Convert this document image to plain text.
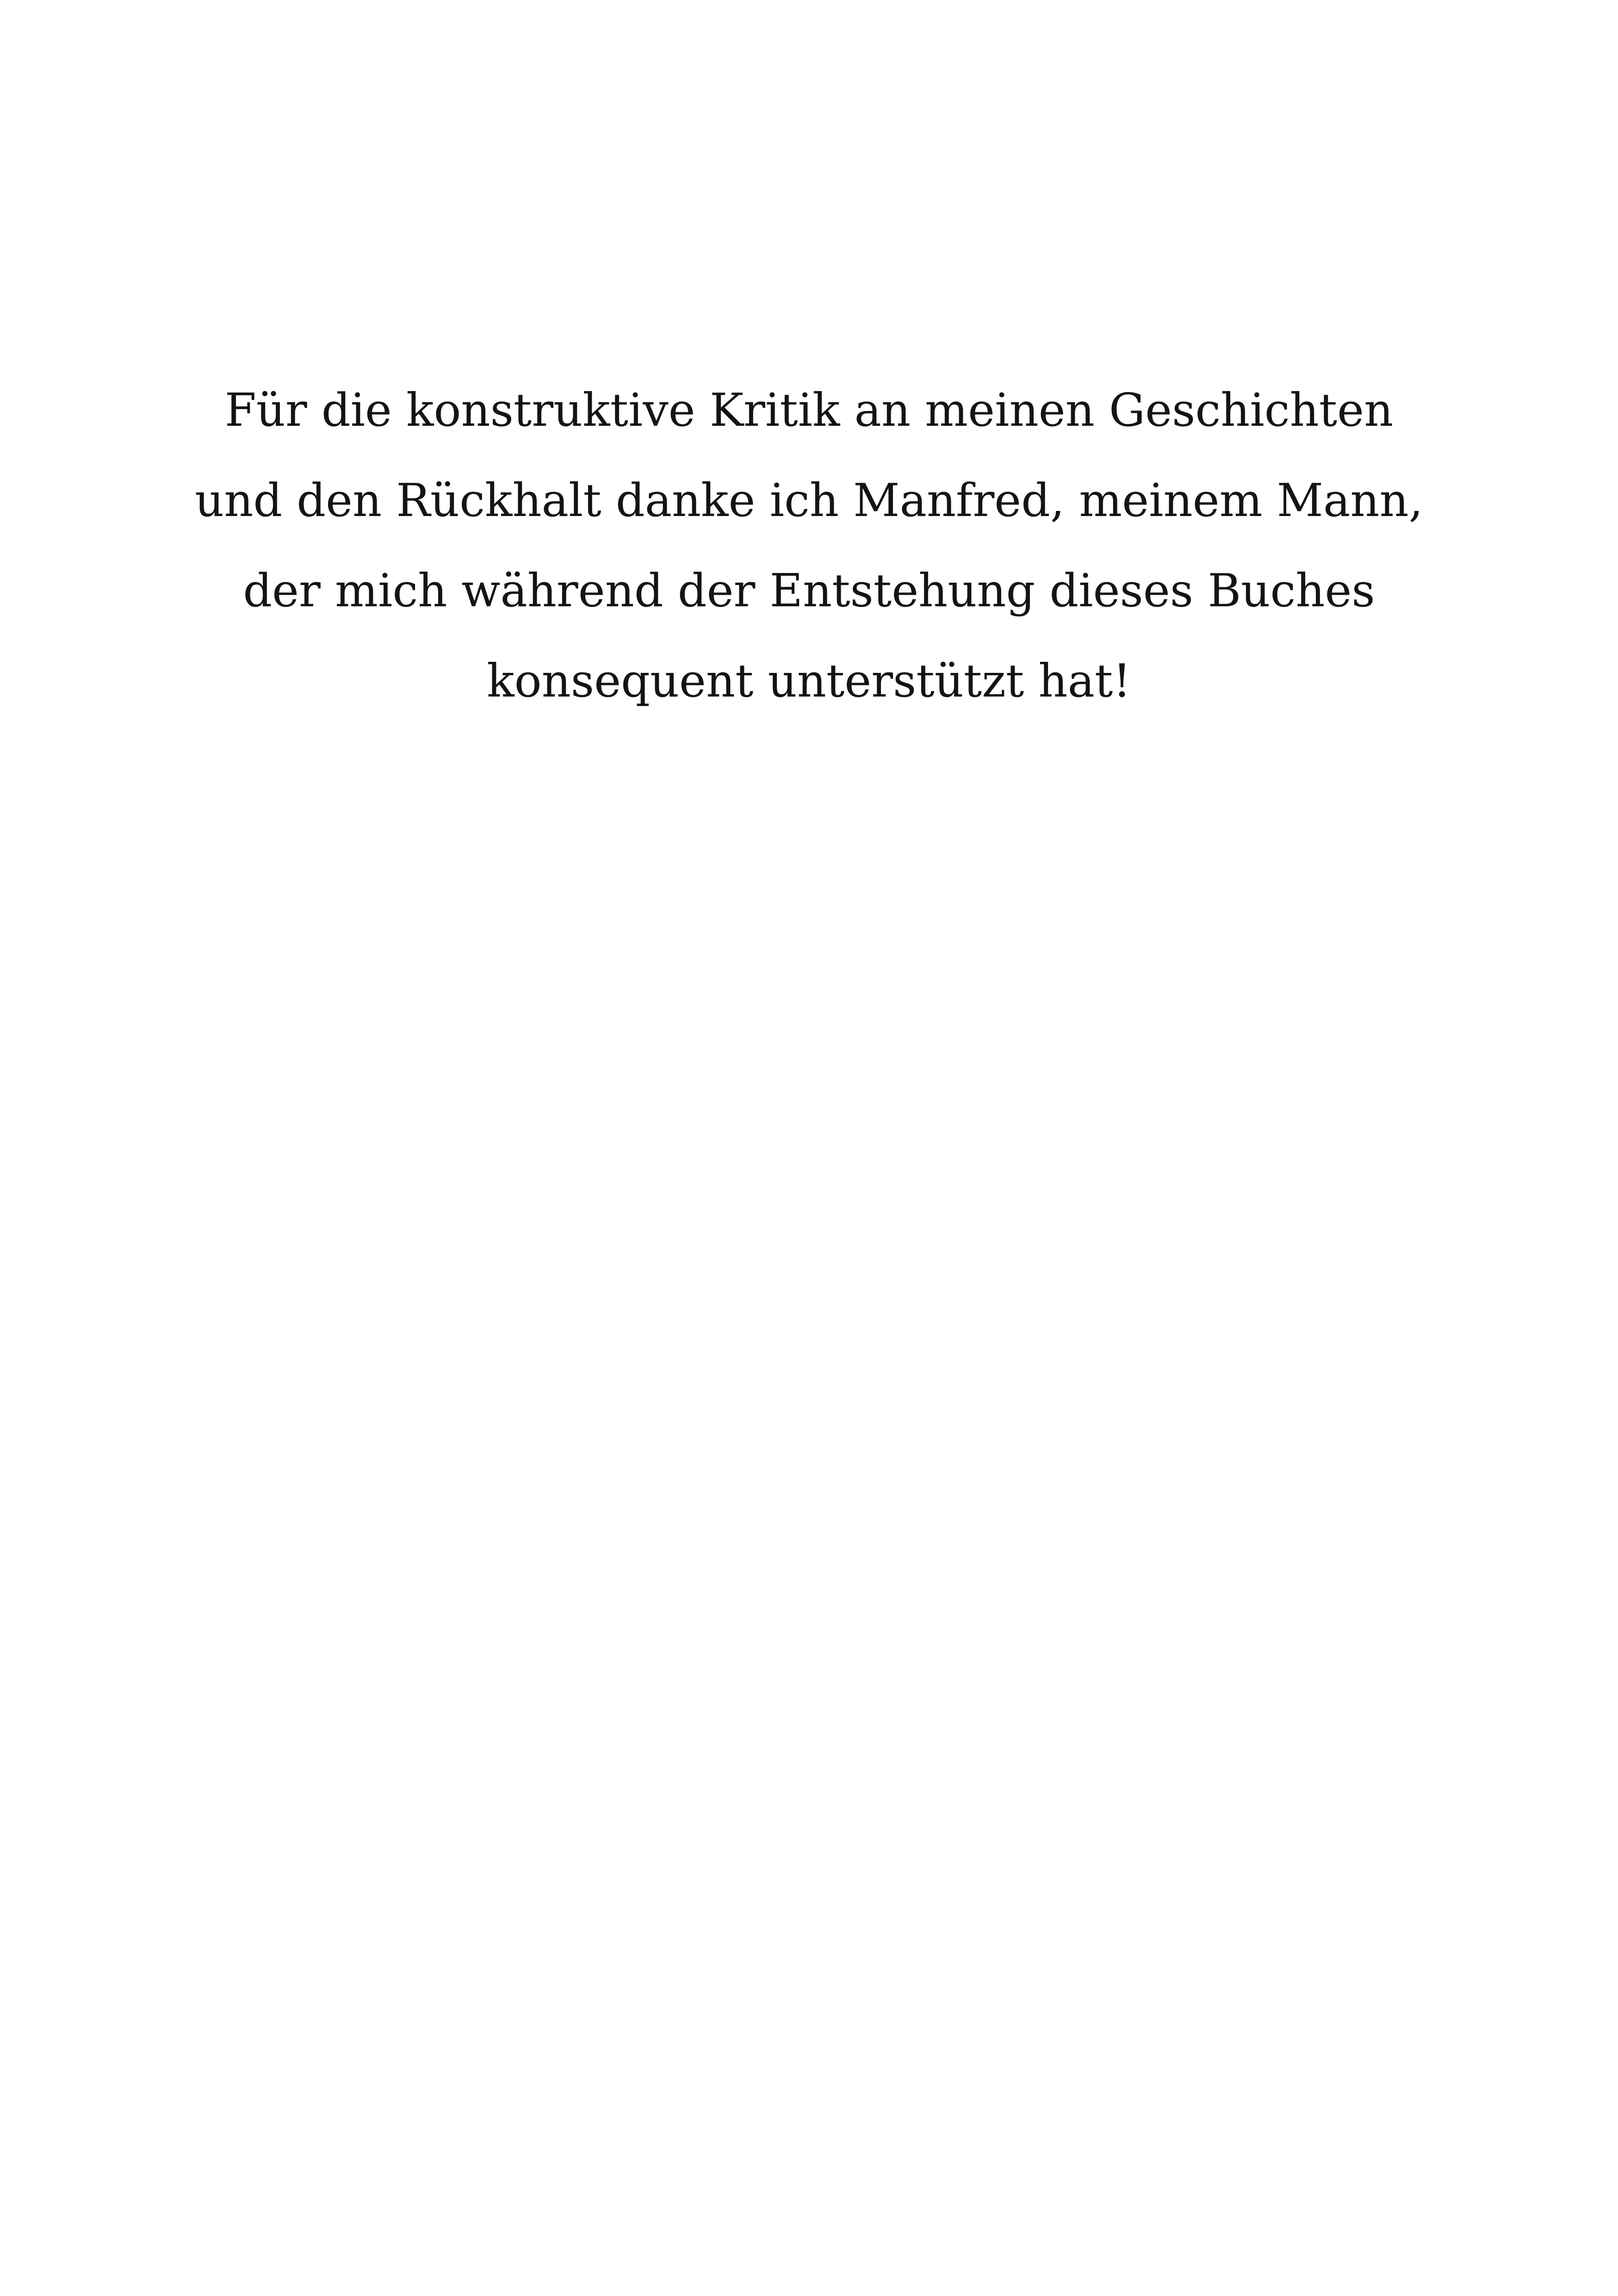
Für die konstruktive Kritik an meinen Geschichten
und den Rückhalt danke ich Manfred, meinem Mann,
der mich während der Entstehung dieses Buches
konsequent unterstützt hat!
